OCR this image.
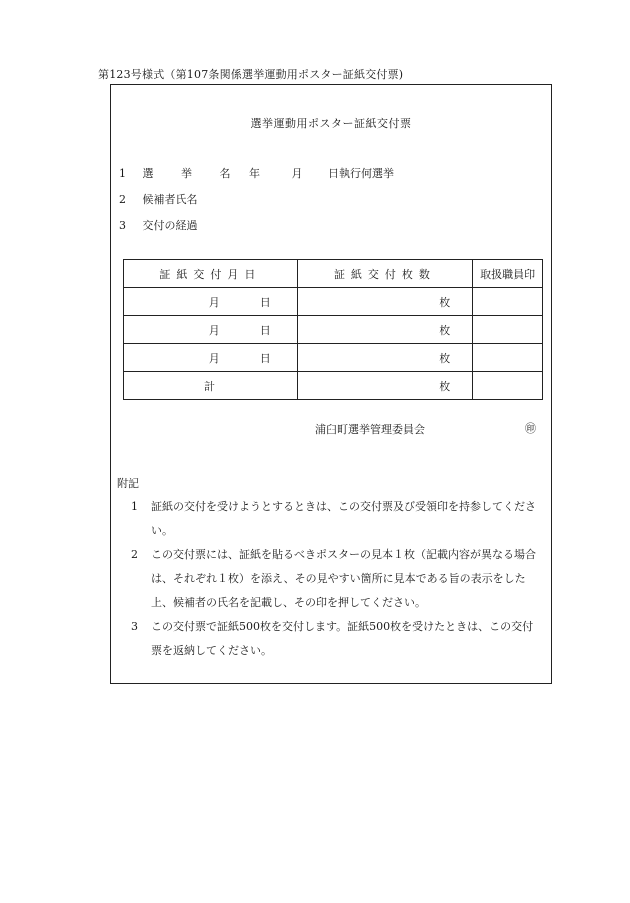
第123号様式（第107条関係選挙運動用ポスター証紙交付票)
選挙運動用ポスター証紙交付票
1 選 挙 名 年	月 日執行何選挙
2 候補者氏名
3 交付の経過
証紙交付月日	証紙交付枚数	取扱職員印
月 日	枚	
月 日	枚	
月 日	枚	
計	枚	
浦臼町選挙管理委員会	㊞
附記
1 証紙の交付を受けようとするときは、この交付票及び受領印を持参してください。
2 この交付票には、証紙を貼るべきポスターの見本１枚（記載内容が異なる場合は、それぞれ１枚）を添え、その見やすい箇所に見本である旨の表示をした上、候補者の氏名を記載し、その印を押してください。
3 この交付票で証紙500枚を交付します。証紙500枚を受けたときは、この交付票を返納してください。
